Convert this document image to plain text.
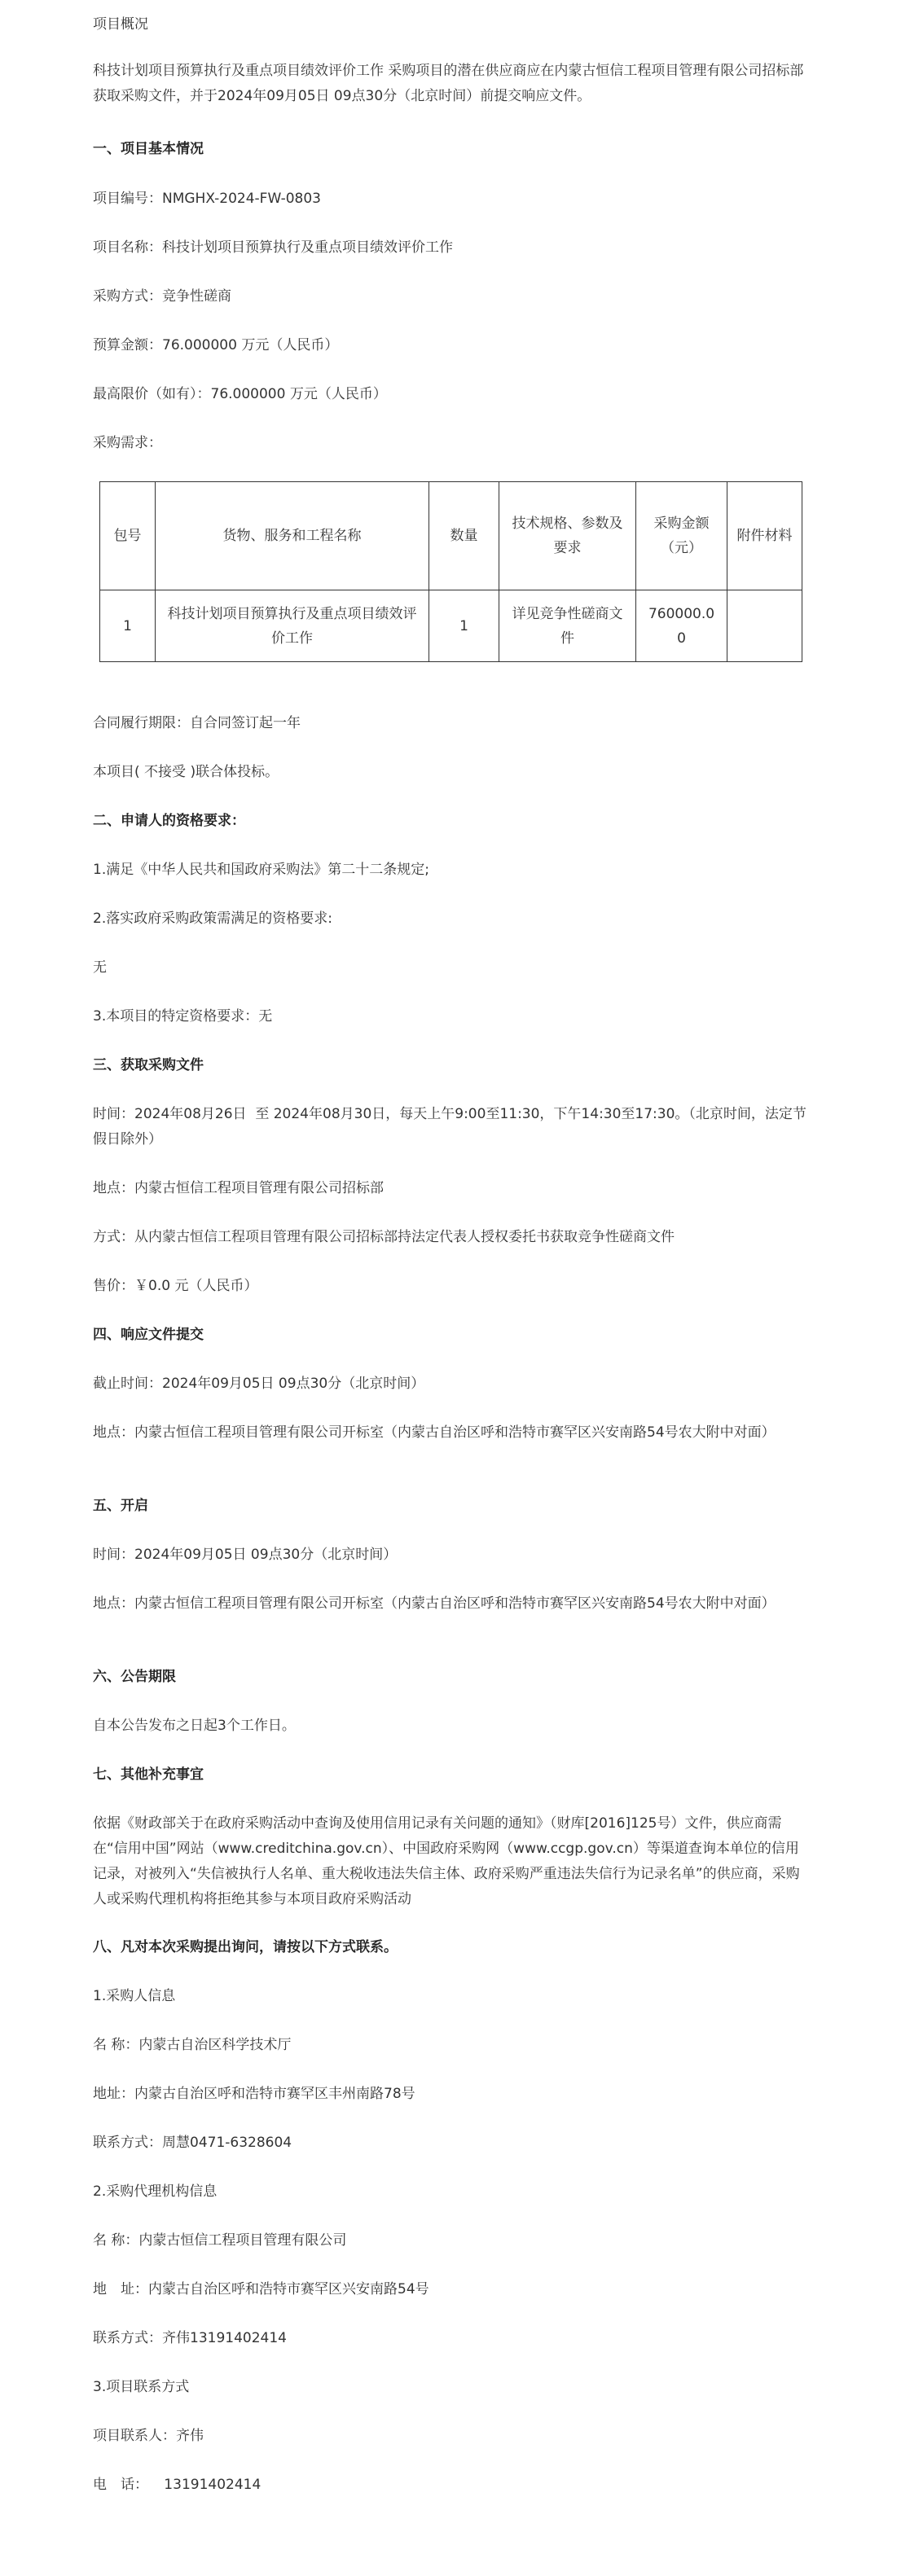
项目概况

科技计划项目预算执行及重点项目绩效评价工作 采购项目的潜在供应商应在内蒙古恒信工程项目管理有限公司招标部获取采购文件，并于2024年09月05日 09点30分（北京时间）前提交响应文件。

一、项目基本情况

项目编号：NMGHX-2024-FW-0803

项目名称：科技计划项目预算执行及重点项目绩效评价工作

采购方式：竞争性磋商

预算金额：76.000000 万元（人民币）

最高限价（如有）：76.000000 万元（人民币）

采购需求：

包号	货物、服务和工程名称	数量	技术规格、参数及要求	采购金额（元）	附件材料
1	科技计划项目预算执行及重点项目绩效评价工作	1	详见竞争性磋商文件	760000.00	

合同履行期限：自合同签订起一年

本项目( 不接受 )联合体投标。

二、申请人的资格要求：

1.满足《中华人民共和国政府采购法》第二十二条规定;

2.落实政府采购政策需满足的资格要求:

无

3.本项目的特定资格要求：无

三、获取采购文件

时间：2024年08月26日  至 2024年08月30日，每天上午9:00至11:30，下午14:30至17:30。（北京时间，法定节假日除外）

地点：内蒙古恒信工程项目管理有限公司招标部

方式：从内蒙古恒信工程项目管理有限公司招标部持法定代表人授权委托书获取竞争性磋商文件

售价：￥0.0 元（人民币）

四、响应文件提交

截止时间：2024年09月05日 09点30分（北京时间）

地点：内蒙古恒信工程项目管理有限公司开标室（内蒙古自治区呼和浩特市赛罕区兴安南路54号农大附中对面）

五、开启

时间：2024年09月05日 09点30分（北京时间）

地点：内蒙古恒信工程项目管理有限公司开标室（内蒙古自治区呼和浩特市赛罕区兴安南路54号农大附中对面）

六、公告期限

自本公告发布之日起3个工作日。

七、其他补充事宜

依据《财政部关于在政府采购活动中查询及使用信用记录有关问题的通知》（财库[2016]125号）文件，供应商需在“信用中国”网站（www.creditchina.gov.cn）、中国政府采购网（www.ccgp.gov.cn）等渠道查询本单位的信用记录，对被列入“失信被执行人名单、重大税收违法失信主体、政府采购严重违法失信行为记录名单”的供应商，采购人或采购代理机构将拒绝其参与本项目政府采购活动

八、凡对本次采购提出询问，请按以下方式联系。

1.采购人信息

名 称：内蒙古自治区科学技术厅

地址：内蒙古自治区呼和浩特市赛罕区丰州南路78号

联系方式：周慧0471-6328604

2.采购代理机构信息

名 称：内蒙古恒信工程项目管理有限公司

地　址：内蒙古自治区呼和浩特市赛罕区兴安南路54号

联系方式：齐伟13191402414

3.项目联系方式

项目联系人：齐伟

电　话：　  13191402414
